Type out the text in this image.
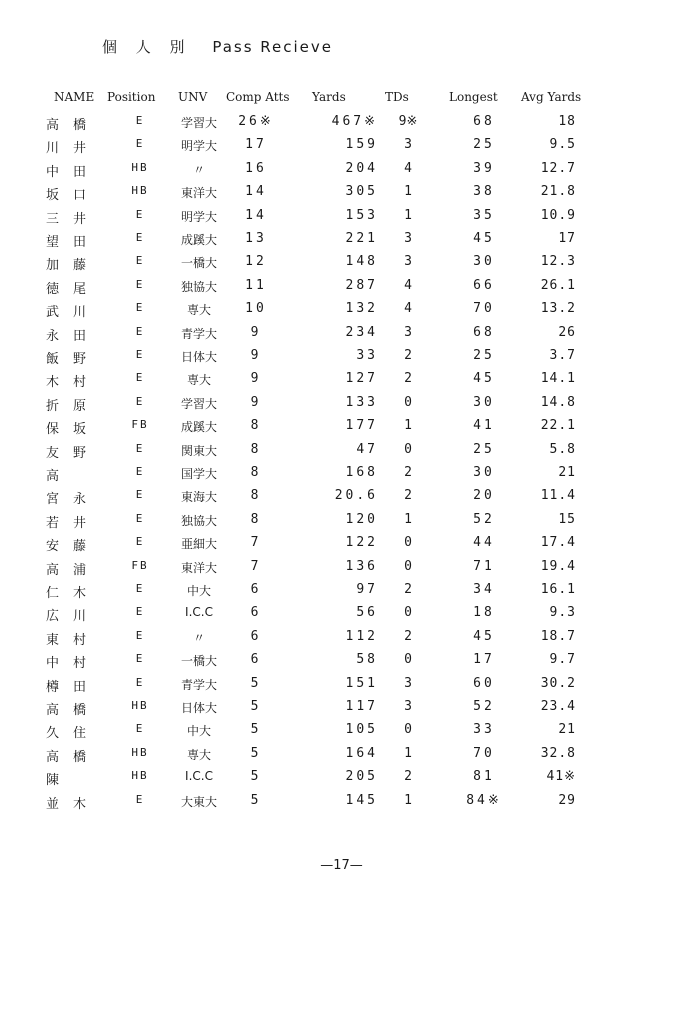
個 人 別 Pass Recieve
NAME Position UNV Comp Atts Yards	TDs	Longest Avg Yards
高橋	E	学習大	26※	467※	9※	68	18
川井	E	明学大	17	159	3	25	9.5
中田	HB	〃	16	204	4	39	12.7
坂口	HB	東洋大	14	305	1	38	21.8
三井	E	明学大	14	153	1	35	10.9
望田	E	成蹊大	13	221	3	45	17
加藤	E	一橋大	12	148	3	30	12.3
徳尾	E	独協大	11	287	4	66	26.1
武川	E	専大	10	132	4	70	13.2
永田	E	青学大	9	234	3	68	26
飯野	E	日体大	9	33	2	25	3.7
木村	E	専大	9	127	2	45	14.1
折原	E	学習大	9	133	0	30	14.8
保坂	FB	成蹊大	8	177	1	41	22.1
友野	E	関東大	8	47	0	25	5.8
高	E	国学大	8	168	2	30	21
宮永	E	東海大	8	20.6	2	20	11.4
若井	E	独協大	8	120	1	52	15
安藤	E	亜細大	7	122	0	44	17.4
高浦	FB	東洋大	7	136	0	71	19.4
仁木	E	中大	6	97	2	34	16.1
広川	E	I.C.C	6	56	0	18	9.3
東村	E	〃	6	112	2	45	18.7
中村	E	一橋大	6	58	0	17	9.7
樽田	E	青学大	5	151	3	60	30.2
高橋	HB	日体大	5	117	3	52	23.4
久住	E	中大	5	105	0	33	21
高橋	HB	専大	5	164	1	70	32.8
陳	HB	I.C.C	5	205	2	81	41※
並木	E	大東大	5	145	1	84※	29
—17—
